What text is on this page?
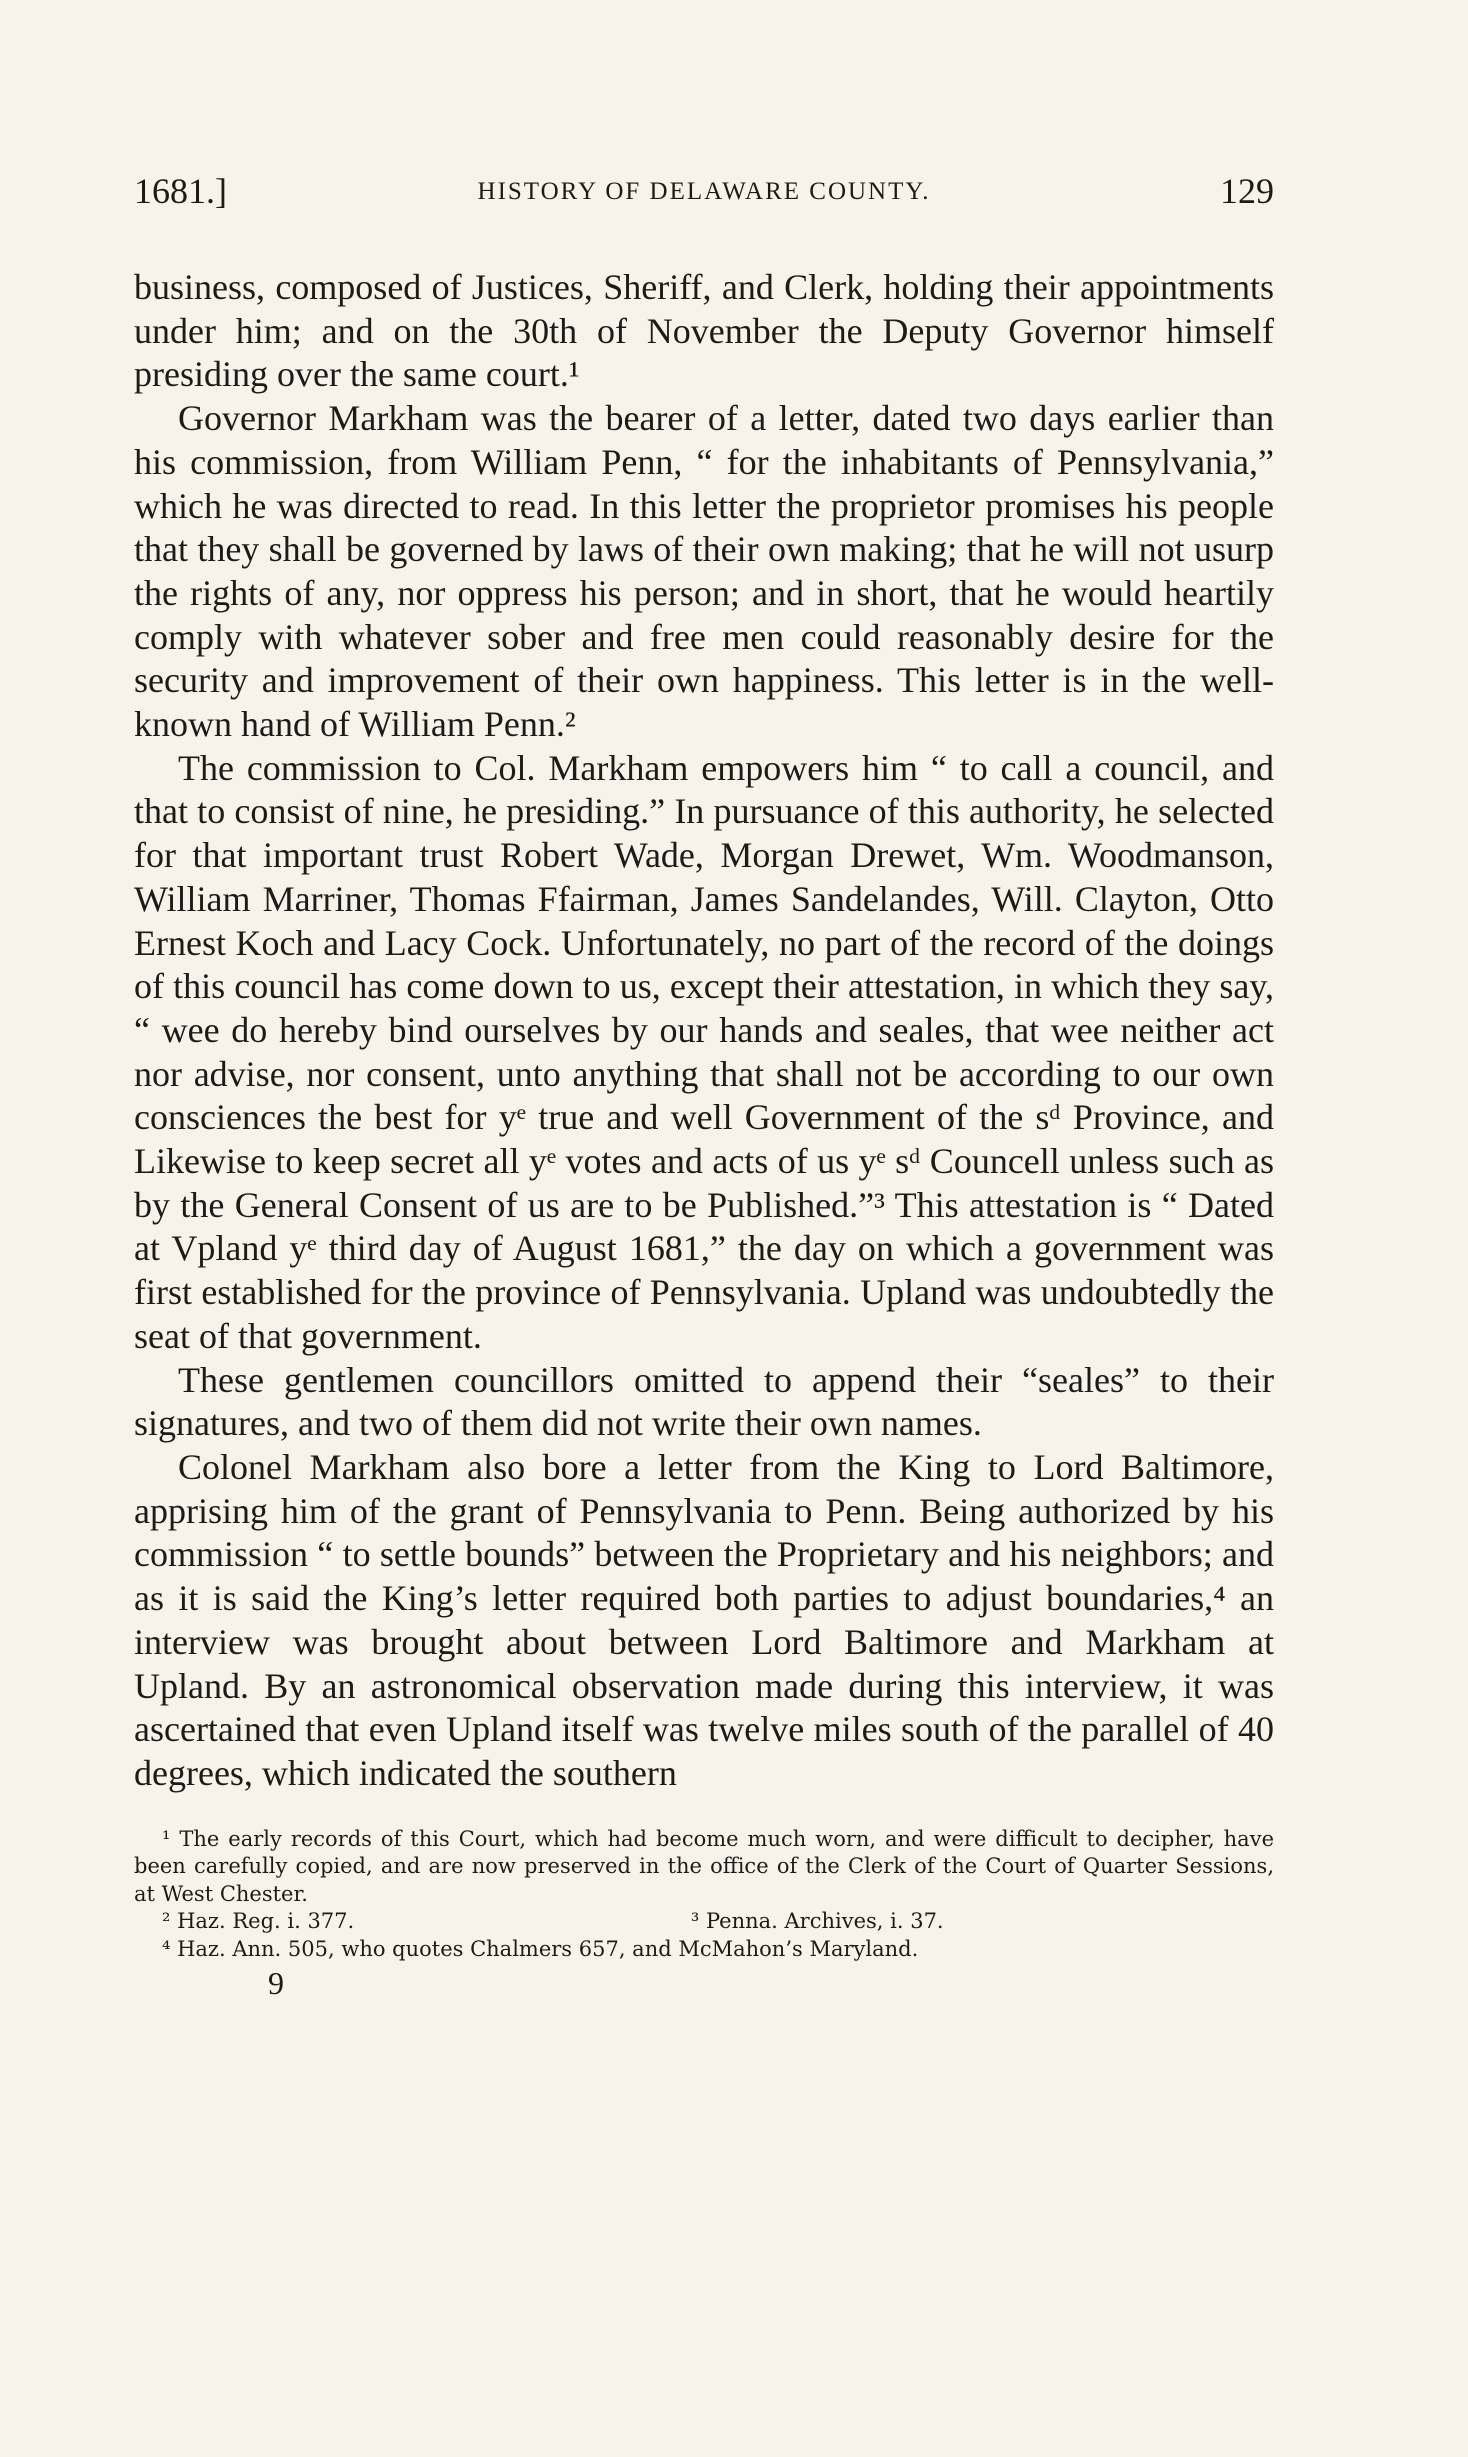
1681.]	HISTORY OF DELAWARE COUNTY.	129

business, composed of Justices, Sheriff, and Clerk, holding their appointments under him; and on the 30th of November the Deputy Governor himself presiding over the same court.¹

Governor Markham was the bearer of a letter, dated two days earlier than his commission, from William Penn, “ for the inhabitants of Pennsylvania,” which he was directed to read. In this letter the proprietor promises his people that they shall be governed by laws of their own making; that he will not usurp the rights of any, nor oppress his person; and in short, that he would heartily comply with whatever sober and free men could reasonably desire for the security and improvement of their own happiness. This letter is in the well-known hand of William Penn.²

The commission to Col. Markham empowers him “ to call a council, and that to consist of nine, he presiding.” In pursuance of this authority, he selected for that important trust Robert Wade, Morgan Drewet, Wm. Woodmanson, William Marriner, Thomas Ffairman, James Sandelandes, Will. Clayton, Otto Ernest Koch and Lacy Cock. Unfortunately, no part of the record of the doings of this council has come down to us, except their attestation, in which they say, “ wee do hereby bind ourselves by our hands and seales, that wee neither act nor advise, nor consent, unto anything that shall not be according to our own consciences the best for yᵉ true and well Government of the sᵈ Province, and Likewise to keep secret all yᵉ votes and acts of us yᵉ sᵈ Councell unless such as by the General Consent of us are to be Published.”³ This attestation is “ Dated at Vpland yᵉ third day of August 1681,” the day on which a government was first established for the province of Pennsylvania. Upland was undoubtedly the seat of that government.

These gentlemen councillors omitted to append their “seales” to their signatures, and two of them did not write their own names.

Colonel Markham also bore a letter from the King to Lord Baltimore, apprising him of the grant of Pennsylvania to Penn. Being authorized by his commission “ to settle bounds” between the Proprietary and his neighbors; and as it is said the King’s letter required both parties to adjust boundaries,⁴ an interview was brought about between Lord Baltimore and Markham at Upland. By an astronomical observation made during this interview, it was ascertained that even Upland itself was twelve miles south of the parallel of 40 degrees, which indicated the southern

¹ The early records of this Court, which had become much worn, and were difficult to decipher, have been carefully copied, and are now preserved in the office of the Clerk of the Court of Quarter Sessions, at West Chester.

² Haz. Reg. i. 377.	³ Penna. Archives, i. 37.

⁴ Haz. Ann. 505, who quotes Chalmers 657, and McMahon’s Maryland.

9
